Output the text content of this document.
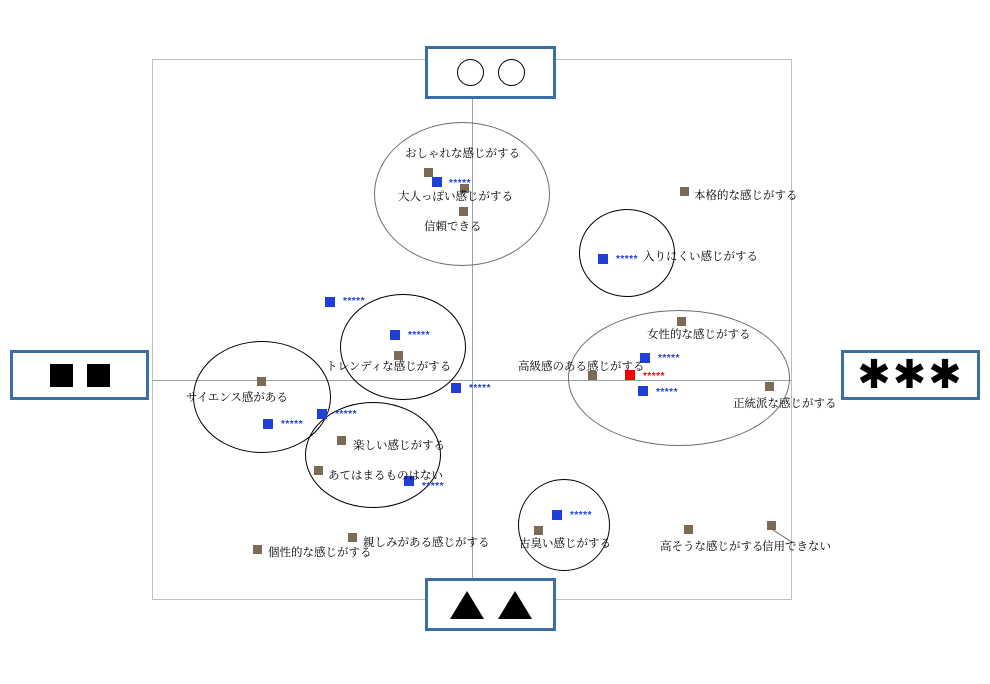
おしゃれな感じがする
大人っぽい感じがする
信頼できる
本格的な感じがする
女性的な感じがする
高級感のある感じがする
正統派な感じがする
トレンディな感じがする
サイエンス感がある
楽しい感じがする
あてはまるものはない
親しみがある感じがする
個性的な感じがする
古臭い感じがする	高そうな感じがする
信用できない
*****
*****
*****
*****
*****
*****
*****
*****
*****
*****
*****
*****
入りにくい感じがする
✱✱✱
